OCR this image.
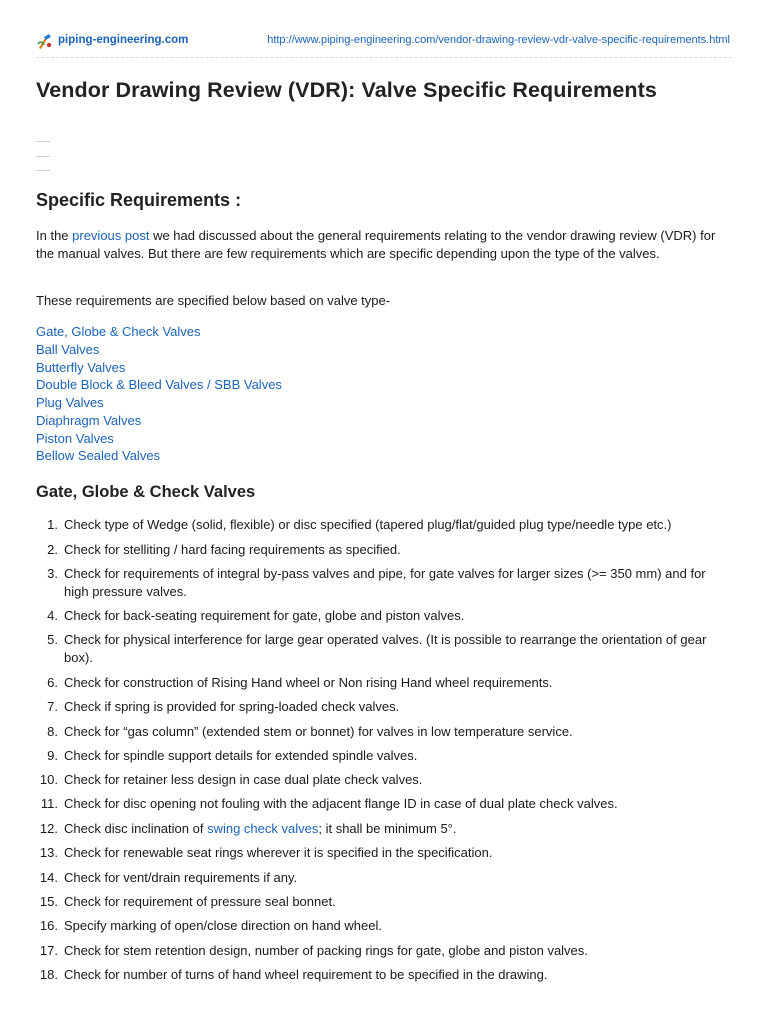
piping-engineering.com	http://www.piping-engineering.com/vendor-drawing-review-vdr-valve-specific-requirements.html
Vendor Drawing Review (VDR): Valve Specific Requirements
Specific Requirements :

In the previous post we had discussed about the general requirements relating to the vendor drawing review (VDR) for the manual valves. But there are few requirements which are specific depending upon the type of the valves.

These requirements are specified below based on valve type-

Gate, Globe & Check Valves
Ball Valves
Butterfly Valves
Double Block & Bleed Valves / SBB Valves
Plug Valves
Diaphragm Valves
Piston Valves
Bellow Sealed Valves
Gate, Globe & Check Valves
1. Check type of Wedge (solid, flexible) or disc specified (tapered plug/flat/guided plug type/needle type etc.)
2. Check for stelliting / hard facing requirements as specified.
3. Check for requirements of integral by-pass valves and pipe, for gate valves for larger sizes (>= 350 mm) and for high pressure valves.
4. Check for back-seating requirement for gate, globe and piston valves.
5. Check for physical interference for large gear operated valves. (It is possible to rearrange the orientation of gear box).
6. Check for construction of Rising Hand wheel or Non rising Hand wheel requirements.
7. Check if spring is provided for spring-loaded check valves.
8. Check for “gas column” (extended stem or bonnet) for valves in low temperature service.
9. Check for spindle support details for extended spindle valves.
10. Check for retainer less design in case dual plate check valves.
11. Check for disc opening not fouling with the adjacent flange ID in case of dual plate check valves.
12. Check disc inclination of swing check valves; it shall be minimum 5°.
13. Check for renewable seat rings wherever it is specified in the specification.
14. Check for vent/drain requirements if any.
15. Check for requirement of pressure seal bonnet.
16. Specify marking of open/close direction on hand wheel.
17. Check for stem retention design, number of packing rings for gate, globe and piston valves.
18. Check for number of turns of hand wheel requirement to be specified in the drawing.
